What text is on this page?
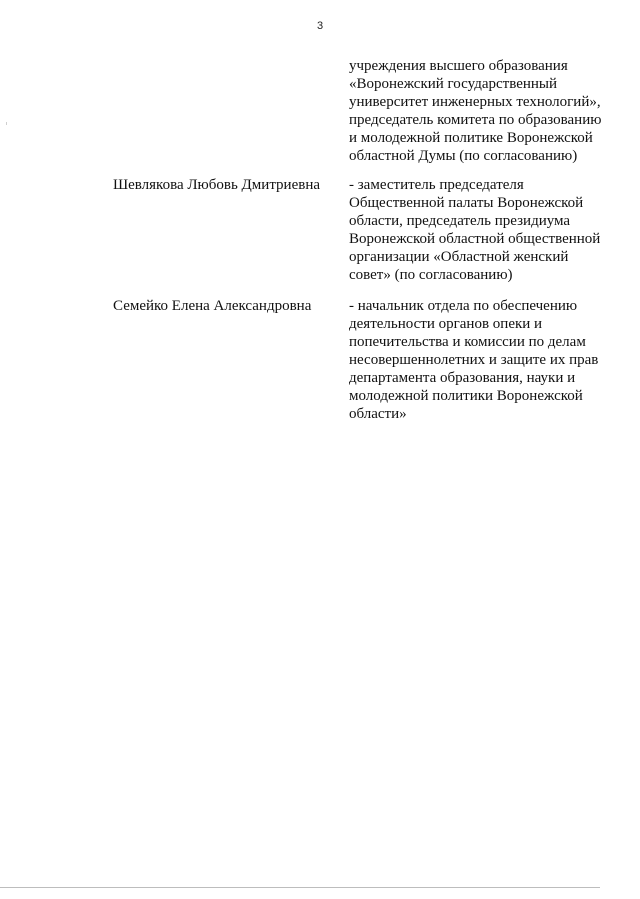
3
учреждения высшего образования
«Воронежский государственный
университет инженерных технологий»,
председатель комитета по образованию
и молодежной политике Воронежской
областной Думы (по согласованию)
Шевлякова Любовь Дмитриевна - заместитель председателя
Общественной палаты Воронежской
области, председатель президиума
Воронежской областной общественной
организации «Областной женский
совет» (по согласованию)
Семейко Елена Александровна	- начальник отдела по обеспечению
деятельности органов опеки и
попечительства и комиссии по делам
несовершеннолетних и защите их прав
департамента образования, науки и
молодежной политики Воронежской
области»
